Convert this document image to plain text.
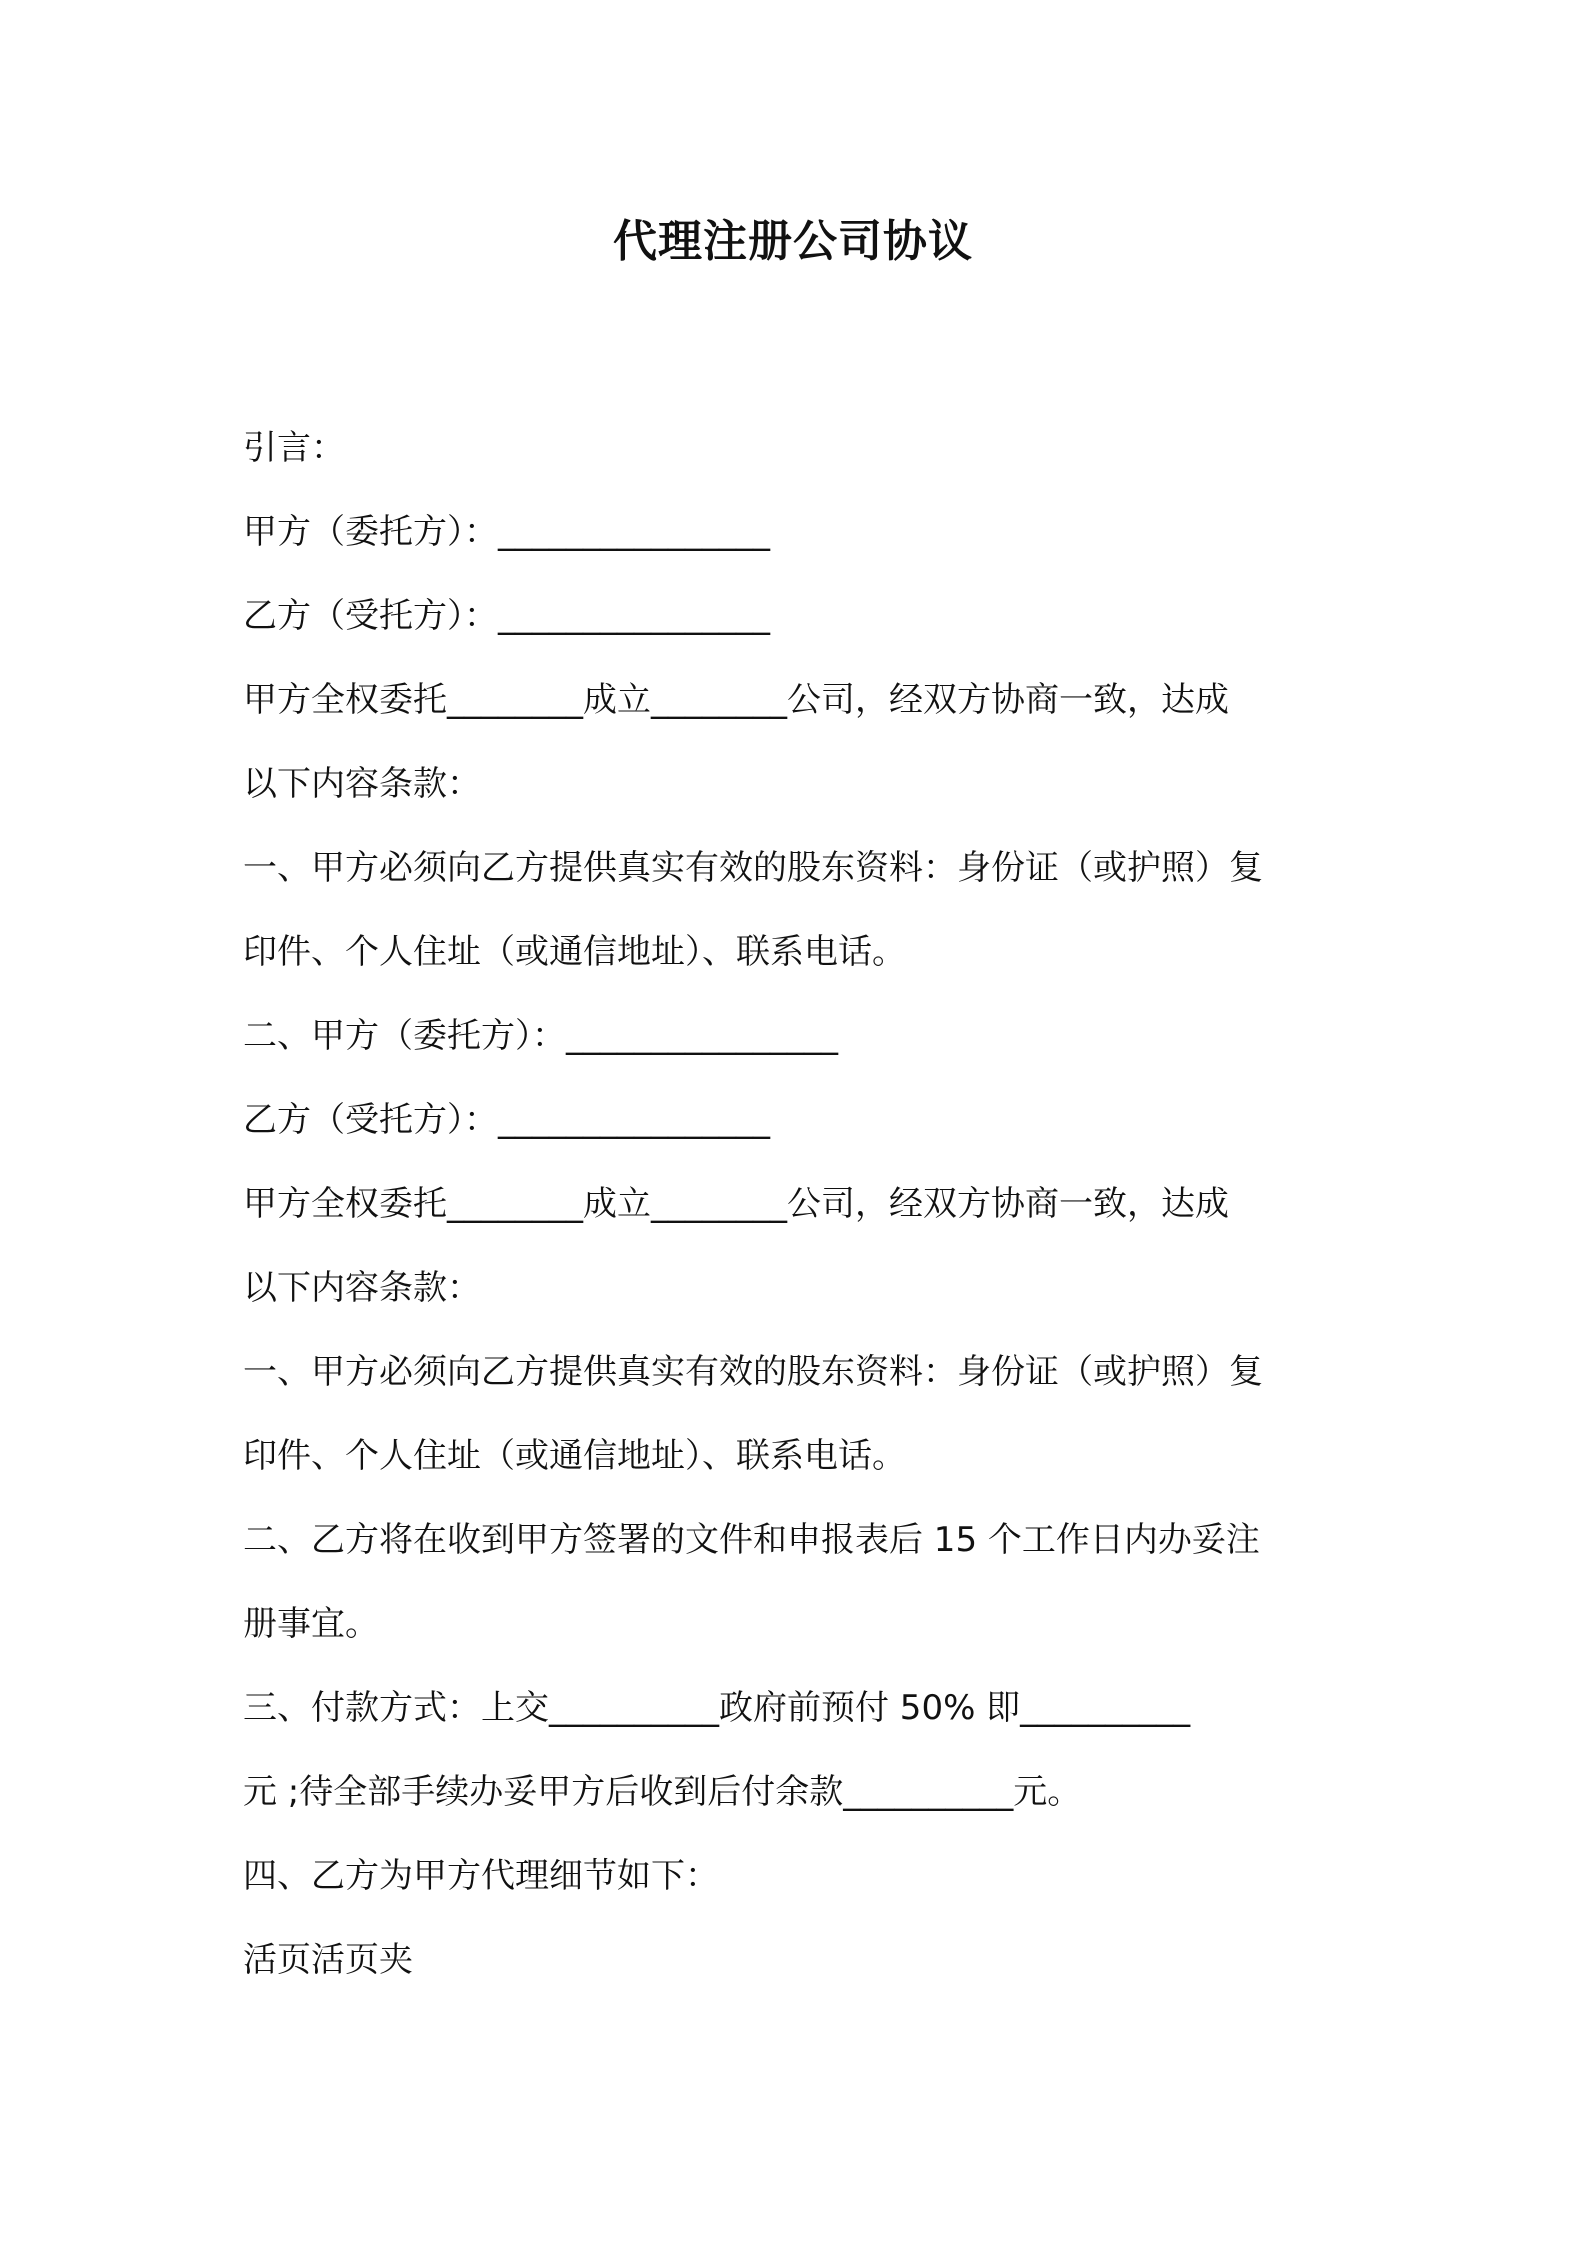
代理注册公司协议

引言：

甲方（委托方）：________________

乙方（受托方）：________________

甲方全权委托________成立________公司，经双方协商一致，达成

以下内容条款：

一、甲方必须向乙方提供真实有效的股东资料：身份证（或护照）复

印件、个人住址（或通信地址）、联系电话。

二、甲方（委托方）：________________

乙方（受托方）：________________

甲方全权委托________成立________公司，经双方协商一致，达成

以下内容条款：

一、甲方必须向乙方提供真实有效的股东资料：身份证（或护照）复

印件、个人住址（或通信地址）、联系电话。

二、乙方将在收到甲方签署的文件和申报表后 15 个工作日内办妥注

册事宜。

三、付款方式：上交__________政府前预付 50% 即__________

元 ;待全部手续办妥甲方后收到后付余款__________元。

四、乙方为甲方代理细节如下：

活页活页夹
